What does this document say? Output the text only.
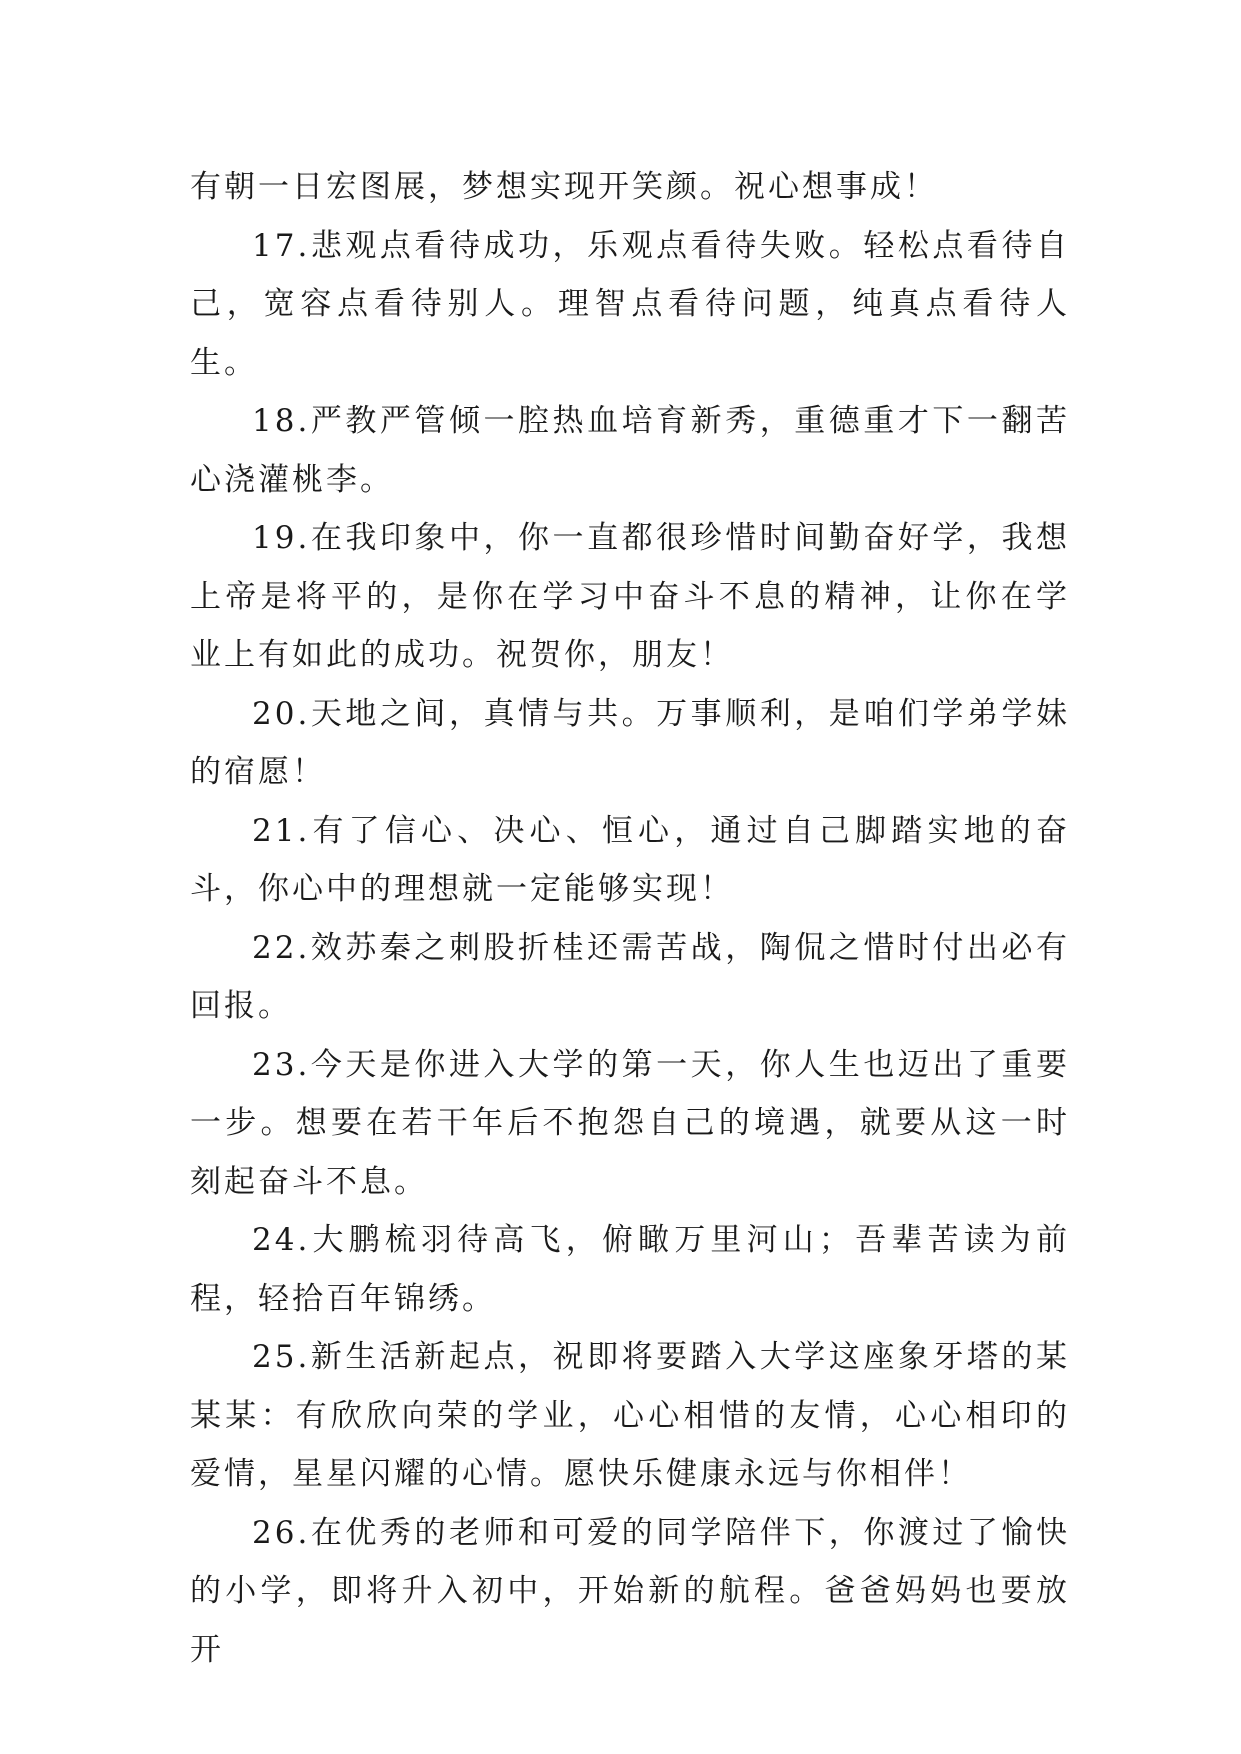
有朝一日宏图展，梦想实现开笑颜。祝心想事成！

17.悲观点看待成功，乐观点看待失败。轻松点看待自己，宽容点看待别人。理智点看待问题，纯真点看待人生。

18.严教严管倾一腔热血培育新秀，重德重才下一翻苦心浇灌桃李。

19.在我印象中，你一直都很珍惜时间勤奋好学，我想上帝是将平的，是你在学习中奋斗不息的精神，让你在学业上有如此的成功。祝贺你，朋友！

20.天地之间，真情与共。万事顺利，是咱们学弟学妹的宿愿！

21.有了信心、决心、恒心，通过自己脚踏实地的奋斗，你心中的理想就一定能够实现！

22.效苏秦之刺股折桂还需苦战，陶侃之惜时付出必有回报。

23.今天是你进入大学的第一天，你人生也迈出了重要一步。想要在若干年后不抱怨自己的境遇，就要从这一时刻起奋斗不息。

24.大鹏梳羽待高飞，俯瞰万里河山；吾辈苦读为前程，轻拾百年锦绣。

25.新生活新起点，祝即将要踏入大学这座象牙塔的某某某：有欣欣向荣的学业，心心相惜的友情，心心相印的爱情，星星闪耀的心情。愿快乐健康永远与你相伴！

26.在优秀的老师和可爱的同学陪伴下，你渡过了愉快的小学，即将升入初中，开始新的航程。爸爸妈妈也要放开
